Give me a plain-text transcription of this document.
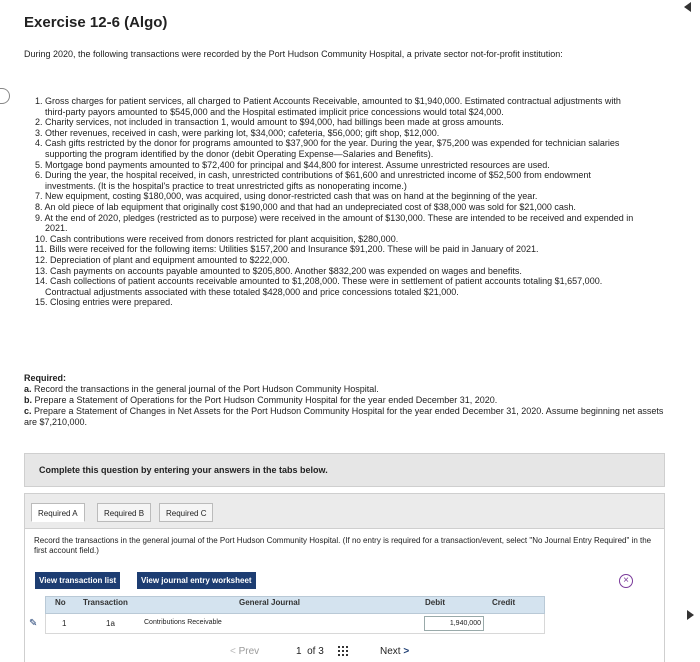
Exercise 12-6 (Algo)
During 2020, the following transactions were recorded by the Port Hudson Community Hospital, a private sector not-for-profit institution:
1. Gross charges for patient services, all charged to Patient Accounts Receivable, amounted to $1,940,000. Estimated contractual adjustments with third-party payors amounted to $545,000 and the Hospital estimated implicit price concessions would total $24,000.
2. Charity services, not included in transaction 1, would amount to $94,000, had billings been made at gross amounts.
3. Other revenues, received in cash, were parking lot, $34,000; cafeteria, $56,000; gift shop, $12,000.
4. Cash gifts restricted by the donor for programs amounted to $37,900 for the year. During the year, $75,200 was expended for technician salaries supporting the program identified by the donor (debit Operating Expense—Salaries and Benefits).
5. Mortgage bond payments amounted to $72,400 for principal and $44,800 for interest. Assume unrestricted resources are used.
6. During the year, the hospital received, in cash, unrestricted contributions of $61,600 and unrestricted income of $52,500 from endowment investments. (It is the hospital's practice to treat unrestricted gifts as nonoperating income.)
7. New equipment, costing $180,000, was acquired, using donor-restricted cash that was on hand at the beginning of the year.
8. An old piece of lab equipment that originally cost $190,000 and that had an undepreciated cost of $38,000 was sold for $21,000 cash.
9. At the end of 2020, pledges (restricted as to purpose) were received in the amount of $130,000. These are intended to be received and expended in 2021.
10. Cash contributions were received from donors restricted for plant acquisition, $280,000.
11. Bills were received for the following items: Utilities $157,200 and Insurance $91,200. These will be paid in January of 2021.
12. Depreciation of plant and equipment amounted to $222,000.
13. Cash payments on accounts payable amounted to $205,800. Another $832,200 was expended on wages and benefits.
14. Cash collections of patient accounts receivable amounted to $1,208,000. These were in settlement of patient accounts totaling $1,657,000. Contractual adjustments associated with these totaled $428,000 and price concessions totaled $21,000.
15. Closing entries were prepared.
Required:
a. Record the transactions in the general journal of the Port Hudson Community Hospital.
b. Prepare a Statement of Operations for the Port Hudson Community Hospital for the year ended December 31, 2020.
c. Prepare a Statement of Changes in Net Assets for the Port Hudson Community Hospital for the year ended December 31, 2020. Assume beginning net assets are $7,210,000.
Complete this question by entering your answers in the tabs below.
Required A	Required B	Required C
Record the transactions in the general journal of the Port Hudson Community Hospital. (If no entry is required for a transaction/event, select "No Journal Entry Required" in the first account field.)
View transaction list	View journal entry worksheet	×
No Transaction	General Journal	Debit	Credit
✎	1	1a	Contributions Receivable	1,940,000
< Prev	1 of 3	Next >
